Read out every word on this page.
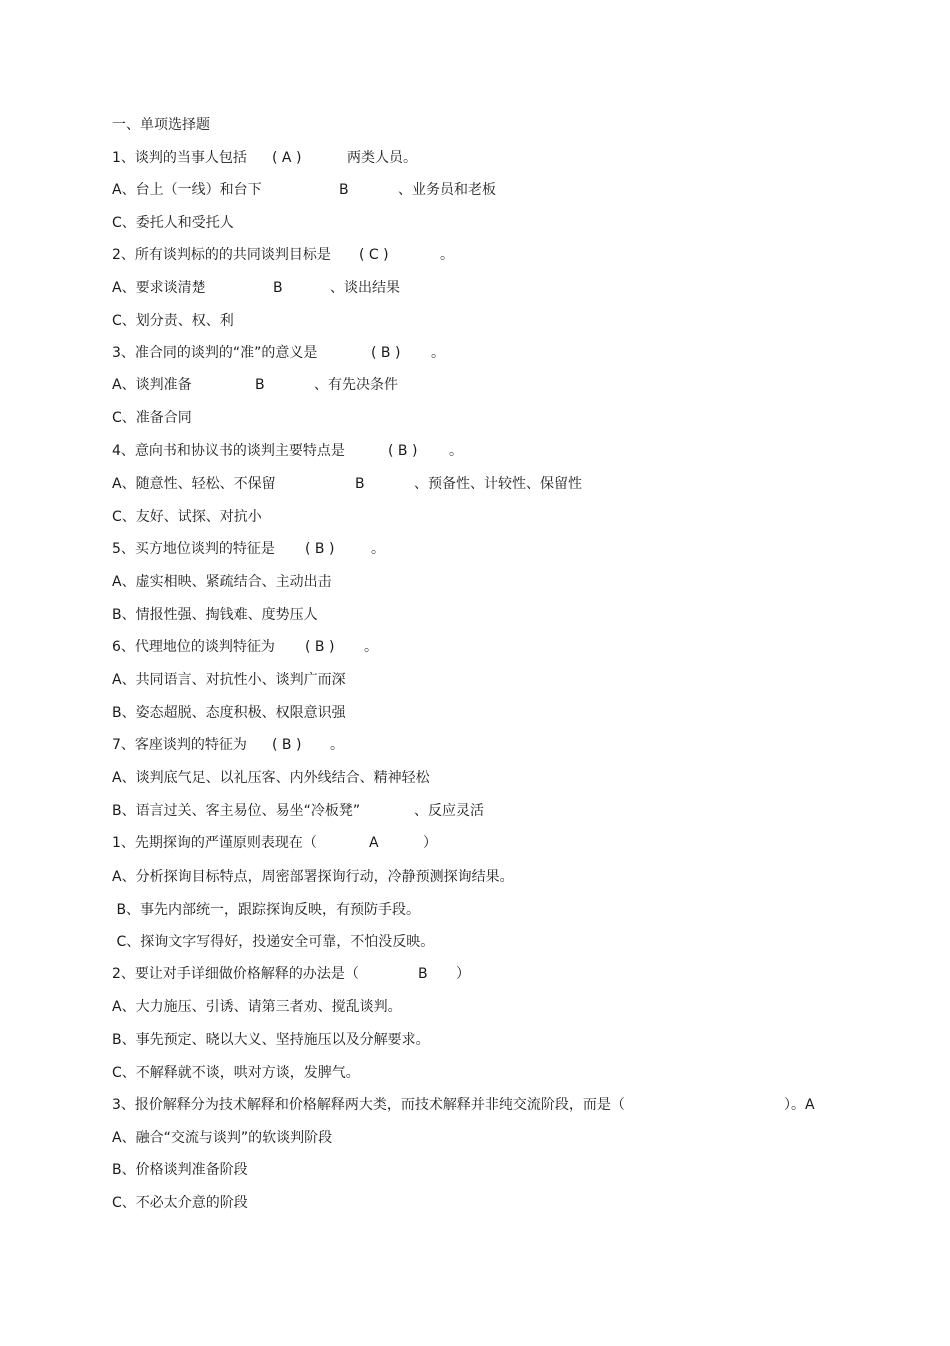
一、单项选择题

1、谈判的当事人包括

( A )

	两类人员。

A、台上（一线）和台下

	B

	、业务员和老板

C、委托人和受托人

2、所有谈判标的的共同谈判目标是

( C )

	。

A、要求谈清楚

	B

	、谈出结果

C、划分责、权、利

3、准合同的谈判的“准”的意义是

	( B )

。

A、谈判准备

	B

	、有先决条件

C、准备合同

4、意向书和协议书的谈判主要特点是

	( B )

。

A、随意性、轻松、不保留

	B

	、预备性、计较性、保留性

C、友好、试探、对抗小

5、买方地位谈判的特征是

( B )

	。

A、虚实相映、紧疏结合、主动出击

B、情报性强、掏钱难、度势压人

6、代理地位的谈判特征为

( B )

。

A、共同语言、对抗性小、谈判广而深

B、姿态超脱、态度积极、权限意识强

7、客座谈判的特征为

( B )

。

A、谈判底气足、以礼压客、内外线结合、精神轻松

B、语言过关、客主易位、易坐“冷板凳”

	、反应灵活

1、先期探询的严谨原则表现在（

	A

	）

A、分析探询目标特点，周密部署探询行动，冷静预测探询结果。

B、事先内部统一，跟踪探询反映，有预防手段。

C、探询文字写得好，投递安全可靠，不怕没反映。

2、要让对手详细做价格解释的办法是（

	B

）

A、大力施压、引诱、请第三者劝、搅乱谈判。

B、事先预定、晓以大义、坚持施压以及分解要求。

C、不解释就不谈，哄对方谈，发脾气。

3、报价解释分为技术解释和价格解释两大类，而技术解释并非纯交流阶段，而是（

	）。A

A、融合“交流与谈判”的软谈判阶段

B、价格谈判准备阶段

C、不必太介意的阶段
